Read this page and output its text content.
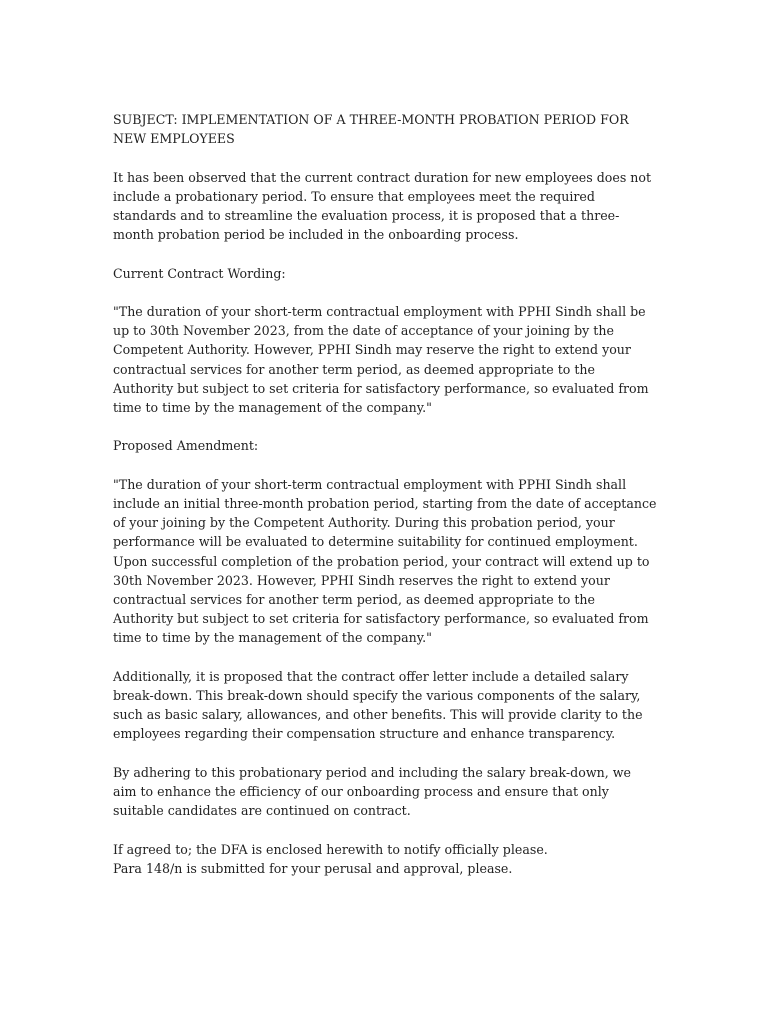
SUBJECT: IMPLEMENTATION OF A THREE-MONTH PROBATION PERIOD FOR NEW EMPLOYEES

It has been observed that the current contract duration for new employees does not include a probationary period. To ensure that employees meet the required standards and to streamline the evaluation process, it is proposed that a three-month probation period be included in the onboarding process.

Current Contract Wording:

"The duration of your short-term contractual employment with PPHI Sindh shall be up to 30th November 2023, from the date of acceptance of your joining by the Competent Authority. However, PPHI Sindh may reserve the right to extend your contractual services for another term period, as deemed appropriate to the Authority but subject to set criteria for satisfactory performance, so evaluated from time to time by the management of the company."

Proposed Amendment:

"The duration of your short-term contractual employment with PPHI Sindh shall include an initial three-month probation period, starting from the date of acceptance of your joining by the Competent Authority. During this probation period, your performance will be evaluated to determine suitability for continued employment. Upon successful completion of the probation period, your contract will extend up to 30th November 2023. However, PPHI Sindh reserves the right to extend your contractual services for another term period, as deemed appropriate to the Authority but subject to set criteria for satisfactory performance, so evaluated from time to time by the management of the company."

Additionally, it is proposed that the contract offer letter include a detailed salary break-down. This break-down should specify the various components of the salary, such as basic salary, allowances, and other benefits. This will provide clarity to the employees regarding their compensation structure and enhance transparency.

By adhering to this probationary period and including the salary break-down, we aim to enhance the efficiency of our onboarding process and ensure that only suitable candidates are continued on contract.

If agreed to; the DFA is enclosed herewith to notify officially please.
Para 148/n is submitted for your perusal and approval, please.
